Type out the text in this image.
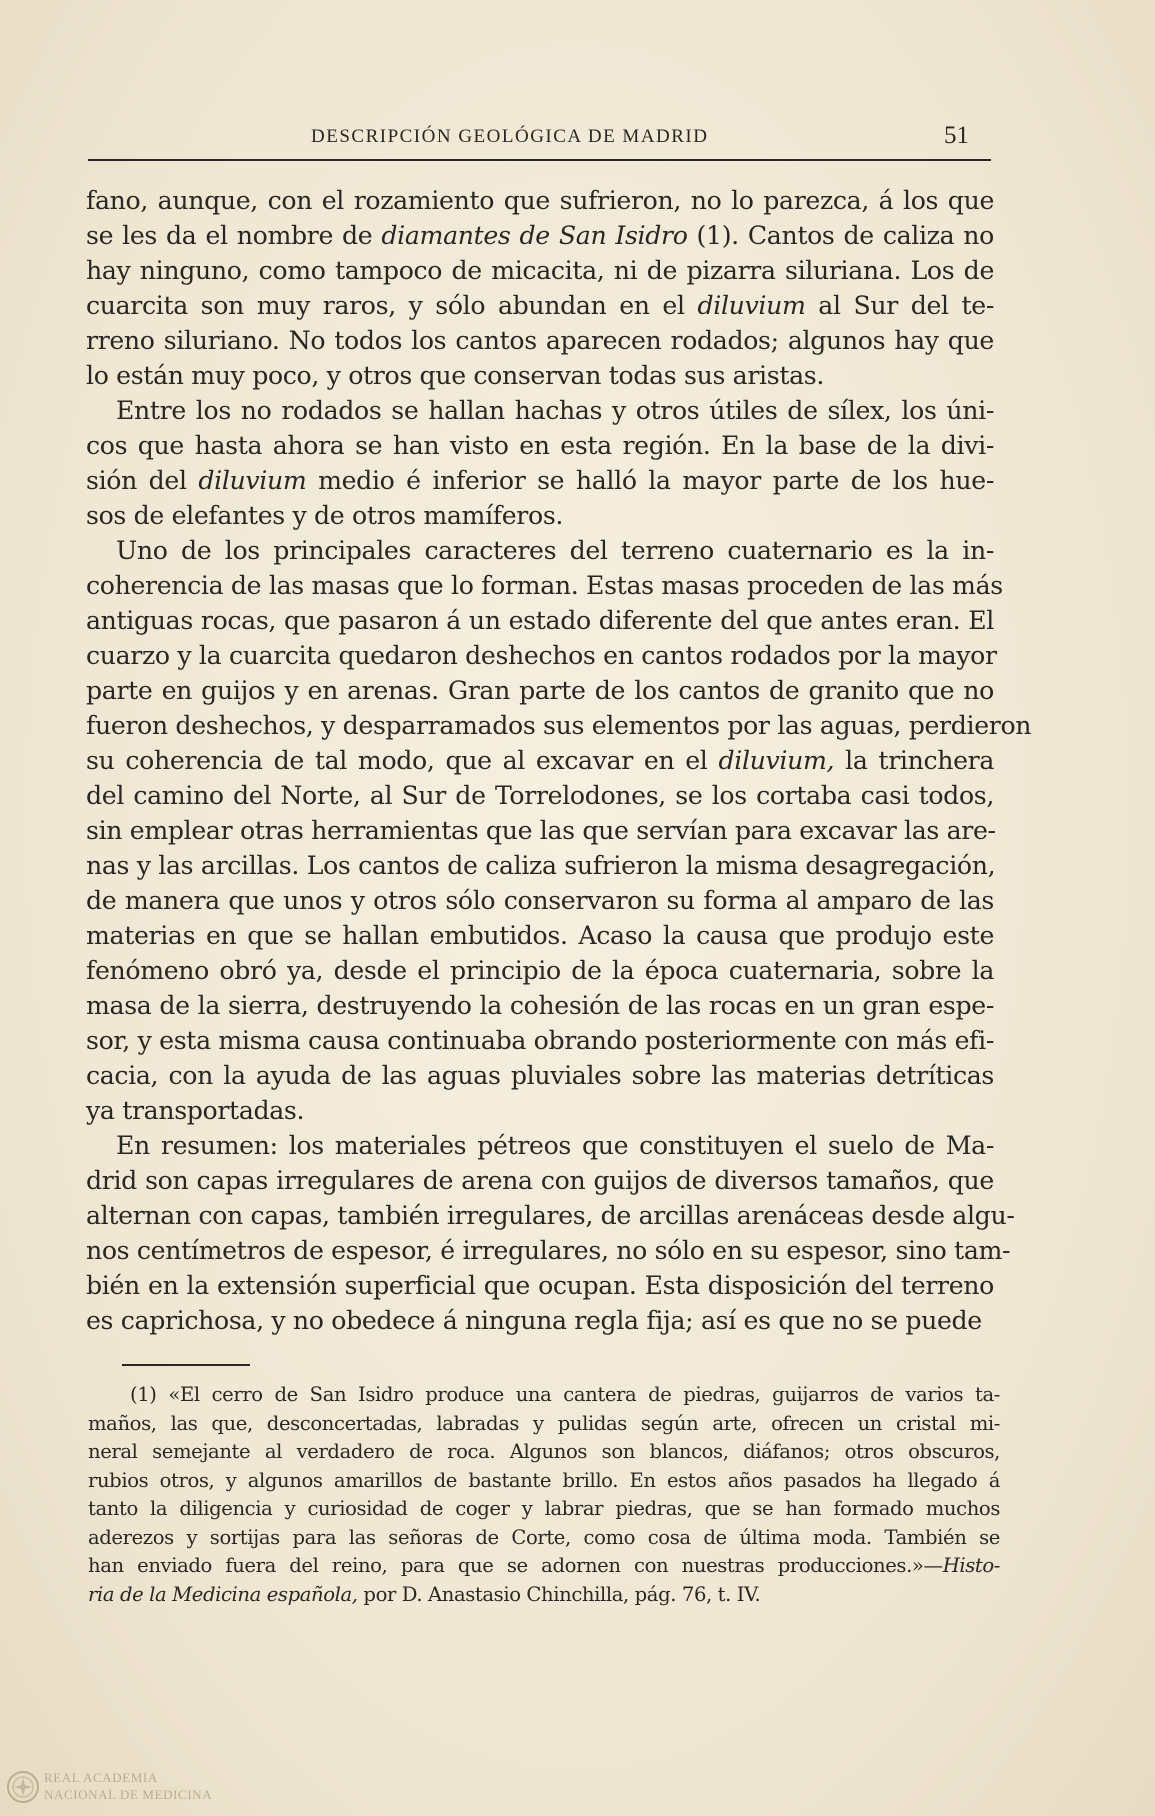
DESCRIPCIÓN GEOLÓGICA DE MADRID	51
fano, aunque, con el rozamiento que sufrieron, no lo parezca, á los que
se les da el nombre de diamantes de San Isidro (1). Cantos de caliza no
hay ninguno, como tampoco de micacita, ni de pizarra siluriana. Los de
cuarcita son muy raros, y sólo abundan en el diluvium al Sur del te-
rreno siluriano. No todos los cantos aparecen rodados; algunos hay que
lo están muy poco, y otros que conservan todas sus aristas.
Entre los no rodados se hallan hachas y otros útiles de sílex, los úni-
cos que hasta ahora se han visto en esta región. En la base de la divi-
sión del diluvium medio é inferior se halló la mayor parte de los hue-
sos de elefantes y de otros mamíferos.
Uno de los principales caracteres del terreno cuaternario es la in-
coherencia de las masas que lo forman. Estas masas proceden de las más
antiguas rocas, que pasaron á un estado diferente del que antes eran. El
cuarzo y la cuarcita quedaron deshechos en cantos rodados por la mayor
parte en guijos y en arenas. Gran parte de los cantos de granito que no
fueron deshechos, y desparramados sus elementos por las aguas, perdieron
su coherencia de tal modo, que al excavar en el diluvium, la trinchera
del camino del Norte, al Sur de Torrelodones, se los cortaba casi todos,
sin emplear otras herramientas que las que servían para excavar las are-
nas y las arcillas. Los cantos de caliza sufrieron la misma desagregación,
de manera que unos y otros sólo conservaron su forma al amparo de las
materias en que se hallan embutidos. Acaso la causa que produjo este
fenómeno obró ya, desde el principio de la época cuaternaria, sobre la
masa de la sierra, destruyendo la cohesión de las rocas en un gran espe-
sor, y esta misma causa continuaba obrando posteriormente con más efi-
cacia, con la ayuda de las aguas pluviales sobre las materias detríticas
ya transportadas.
En resumen: los materiales pétreos que constituyen el suelo de Ma-
drid son capas irregulares de arena con guijos de diversos tamaños, que
alternan con capas, también irregulares, de arcillas arenáceas desde algu-
nos centímetros de espesor, é irregulares, no sólo en su espesor, sino tam-
bién en la extensión superficial que ocupan. Esta disposición del terreno
es caprichosa, y no obedece á ninguna regla fija; así es que no se puede
(1) «El cerro de San Isidro produce una cantera de piedras, guijarros de varios ta-
maños, las que, desconcertadas, labradas y pulidas según arte, ofrecen un cristal mi-
neral semejante al verdadero de roca. Algunos son blancos, diáfanos; otros obscuros,
rubios otros, y algunos amarillos de bastante brillo. En estos años pasados ha llegado á
tanto la diligencia y curiosidad de coger y labrar piedras, que se han formado muchos
aderezos y sortijas para las señoras de Corte, como cosa de última moda. También se
han enviado fuera del reino, para que se adornen con nuestras producciones.»—Histo-
ria de la Medicina española, por D. Anastasio Chinchilla, pág. 76, t. IV.
REAL ACADEMIA
NACIONAL DE MEDICINA
